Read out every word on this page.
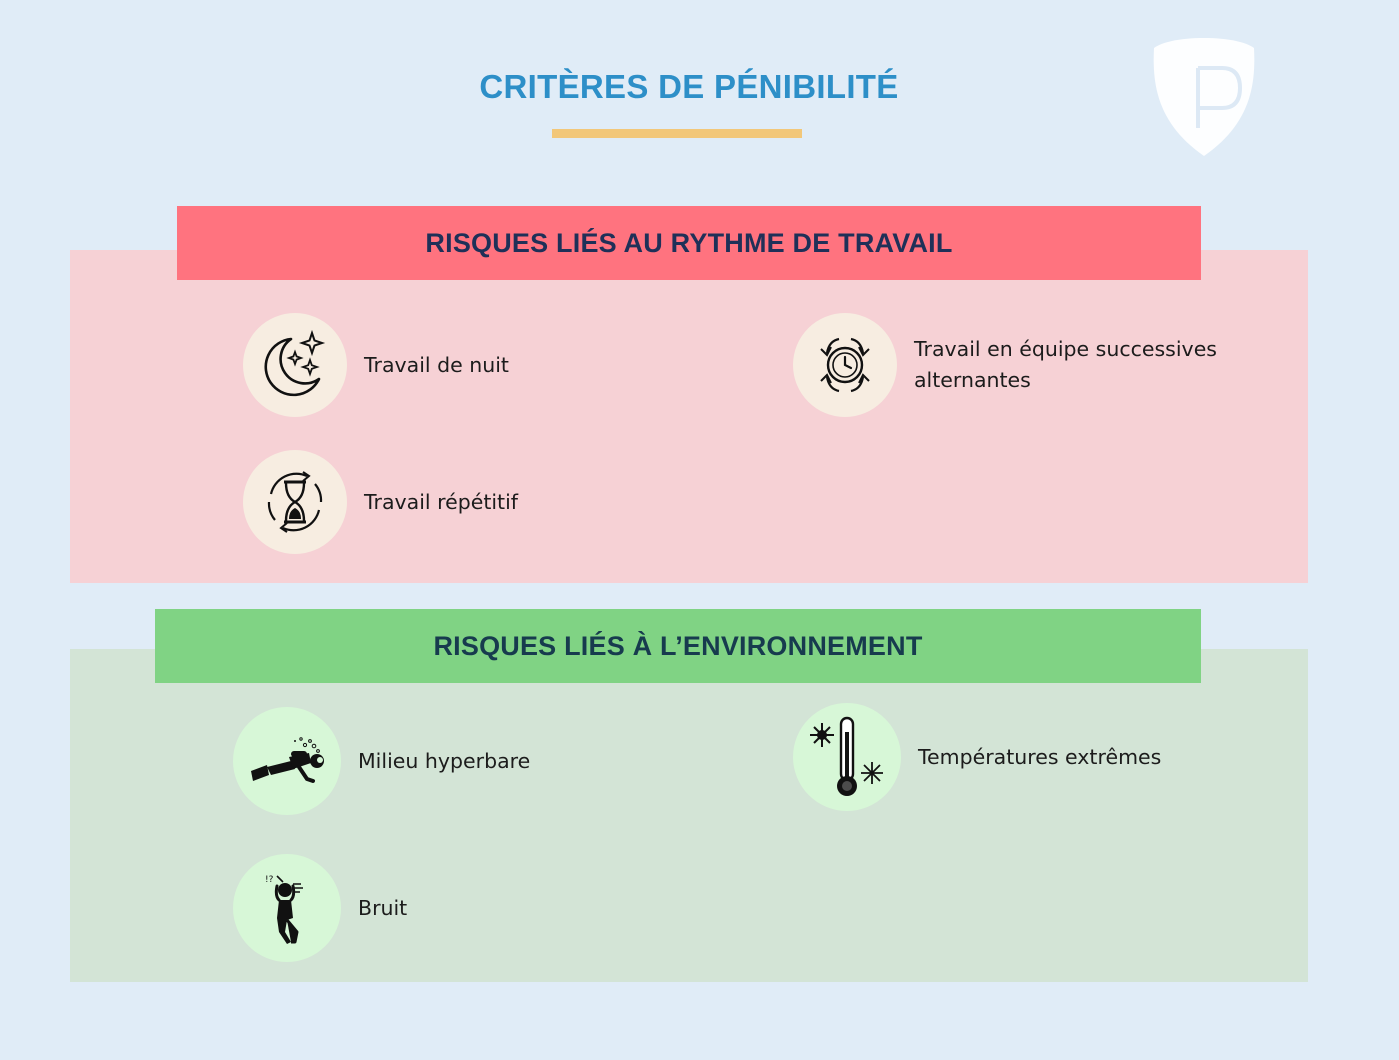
CRITÈRES DE PÉNIBILITÉ
RISQUES LIÉS AU RYTHME DE TRAVAIL
Travail de nuit
Travail en équipe successives
alternantes
Travail répétitif
RISQUES LIÉS À L’ENVIRONNEMENT
Milieu hyperbare	Températures extrêmes
!?
Bruit
